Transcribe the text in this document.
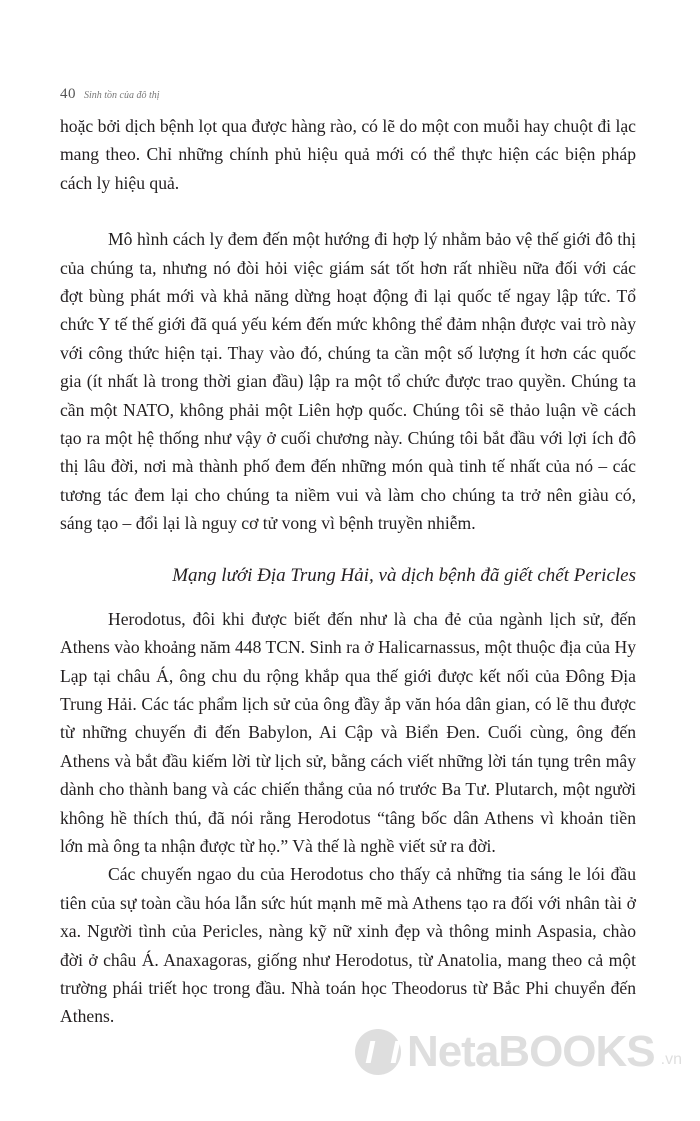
40 Sinh tồn của đô thị

hoặc bởi dịch bệnh lọt qua được hàng rào, có lẽ do một con muỗi hay chuột đi lạc mang theo. Chỉ những chính phủ hiệu quả mới có thể thực hiện các biện pháp cách ly hiệu quả.

Mô hình cách ly đem đến một hướng đi hợp lý nhằm bảo vệ thế giới đô thị của chúng ta, nhưng nó đòi hỏi việc giám sát tốt hơn rất nhiều nữa đối với các đợt bùng phát mới và khả năng dừng hoạt động đi lại quốc tế ngay lập tức. Tổ chức Y tế thế giới đã quá yếu kém đến mức không thể đảm nhận được vai trò này với công thức hiện tại. Thay vào đó, chúng ta cần một số lượng ít hơn các quốc gia (ít nhất là trong thời gian đầu) lập ra một tổ chức được trao quyền. Chúng ta cần một NATO, không phải một Liên hợp quốc. Chúng tôi sẽ thảo luận về cách tạo ra một hệ thống như vậy ở cuối chương này. Chúng tôi bắt đầu với lợi ích đô thị lâu đời, nơi mà thành phố đem đến những món quà tinh tế nhất của nó – các tương tác đem lại cho chúng ta niềm vui và làm cho chúng ta trở nên giàu có, sáng tạo – đổi lại là nguy cơ tử vong vì bệnh truyền nhiễm.

Mạng lưới Địa Trung Hải, và dịch bệnh đã giết chết Pericles

Herodotus, đôi khi được biết đến như là cha đẻ của ngành lịch sử, đến Athens vào khoảng năm 448 TCN. Sinh ra ở Halicarnassus, một thuộc địa của Hy Lạp tại châu Á, ông chu du rộng khắp qua thế giới được kết nối của Đông Địa Trung Hải. Các tác phẩm lịch sử của ông đầy ắp văn hóa dân gian, có lẽ thu được từ những chuyến đi đến Babylon, Ai Cập và Biển Đen. Cuối cùng, ông đến Athens và bắt đầu kiếm lời từ lịch sử, bằng cách viết những lời tán tụng trên mây dành cho thành bang và các chiến thắng của nó trước Ba Tư. Plutarch, một người không hề thích thú, đã nói rằng Herodotus “tâng bốc dân Athens vì khoản tiền lớn mà ông ta nhận được từ họ.” Và thế là nghề viết sử ra đời.

Các chuyến ngao du của Herodotus cho thấy cả những tia sáng le lói đầu tiên của sự toàn cầu hóa lẫn sức hút mạnh mẽ mà Athens tạo ra đối với nhân tài ở xa. Người tình của Pericles, nàng kỹ nữ xinh đẹp và thông minh Aspasia, chào đời ở châu Á. Anaxagoras, giống như Herodotus, từ Anatolia, mang theo cả một trường phái triết học trong đầu. Nhà toán học Theodorus từ Bắc Phi chuyển đến Athens.

NetaBOOKS .vn
